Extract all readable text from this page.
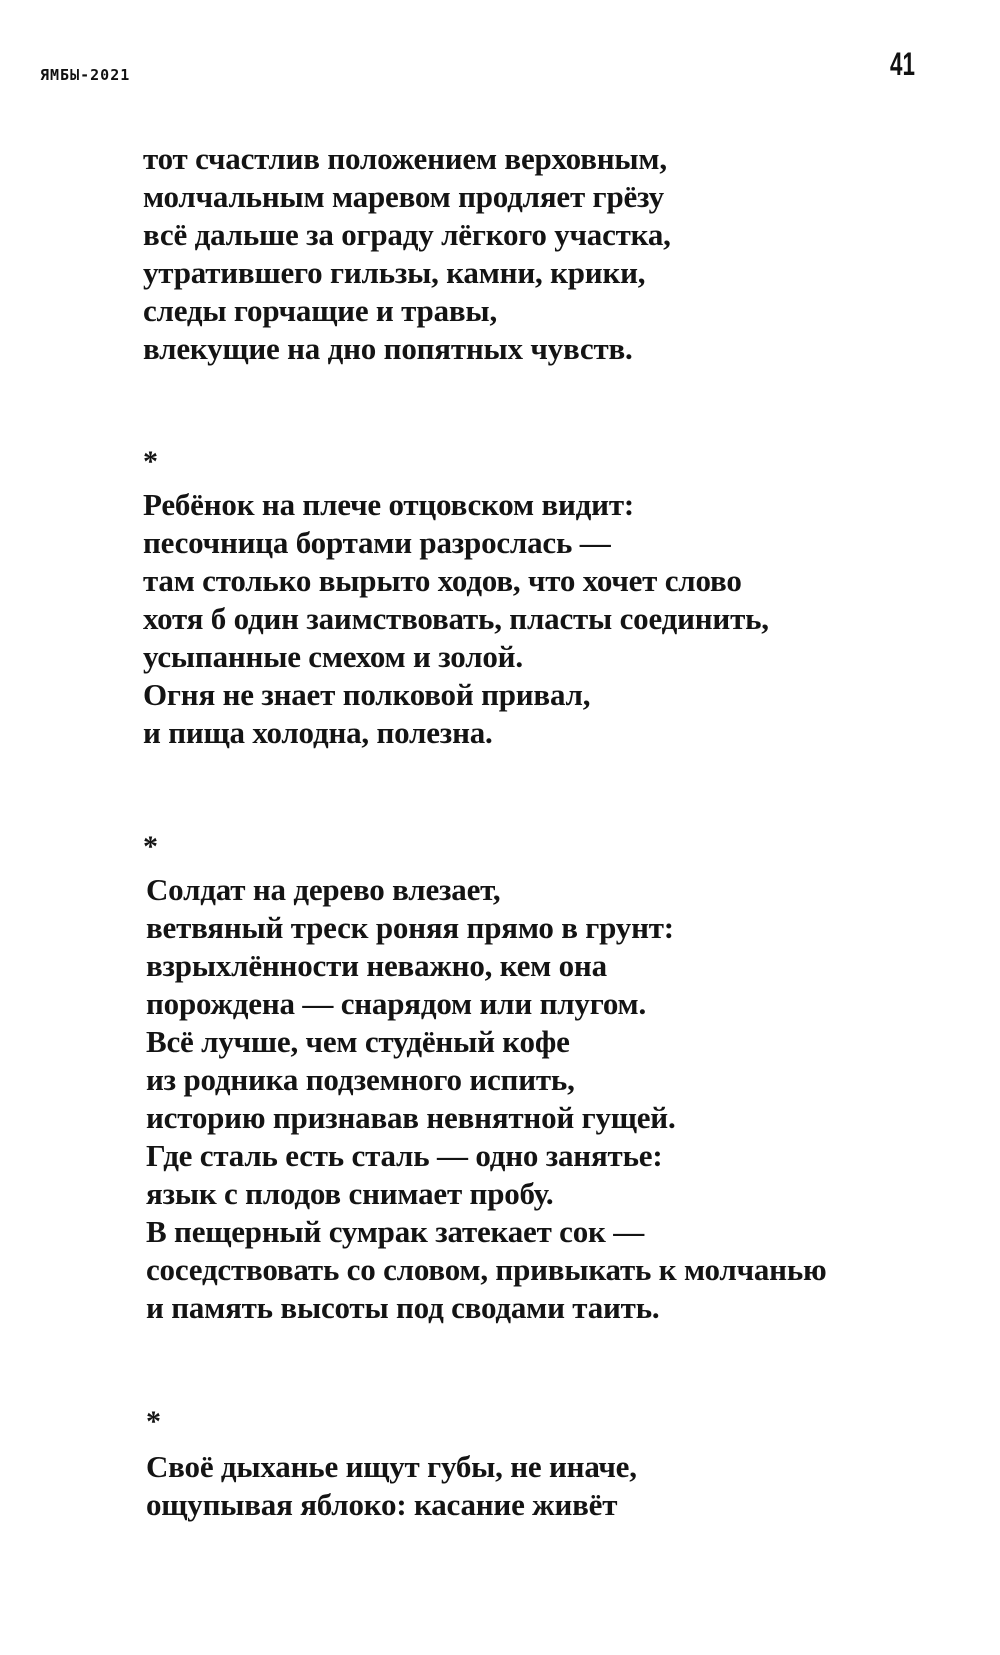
ЯМБЫ-2021	41
тот счастлив положением верховным,
молчальным маревом продляет грёзу
всё дальше за ограду лёгкого участка,
утратившего гильзы, камни, крики,
следы горчащие и травы,
влекущие на дно попятных чувств.
*
Ребёнок на плече отцовском видит:
песочница бортами разрослась —
там столько вырыто ходов, что хочет слово
хотя б один заимствовать, пласты соединить,
усыпанные смехом и золой.
Огня не знает полковой привал,
и пища холодна, полезна.
*
Солдат на дерево влезает,
ветвяный треск роняя прямо в грунт:
взрыхлённости неважно, кем она
порождена — снарядом или плугом.
Всё лучше, чем студёный кофе
из родника подземного испить,
историю признавав невнятной гущей.
Где сталь есть сталь — одно занятье:
язык с плодов снимает пробу.
В пещерный сумрак затекает сок —
соседствовать со словом, привыкать к молчанью
и память высоты под сводами таить.
*
Своё дыханье ищут губы, не иначе,
ощупывая яблоко: касание живёт
